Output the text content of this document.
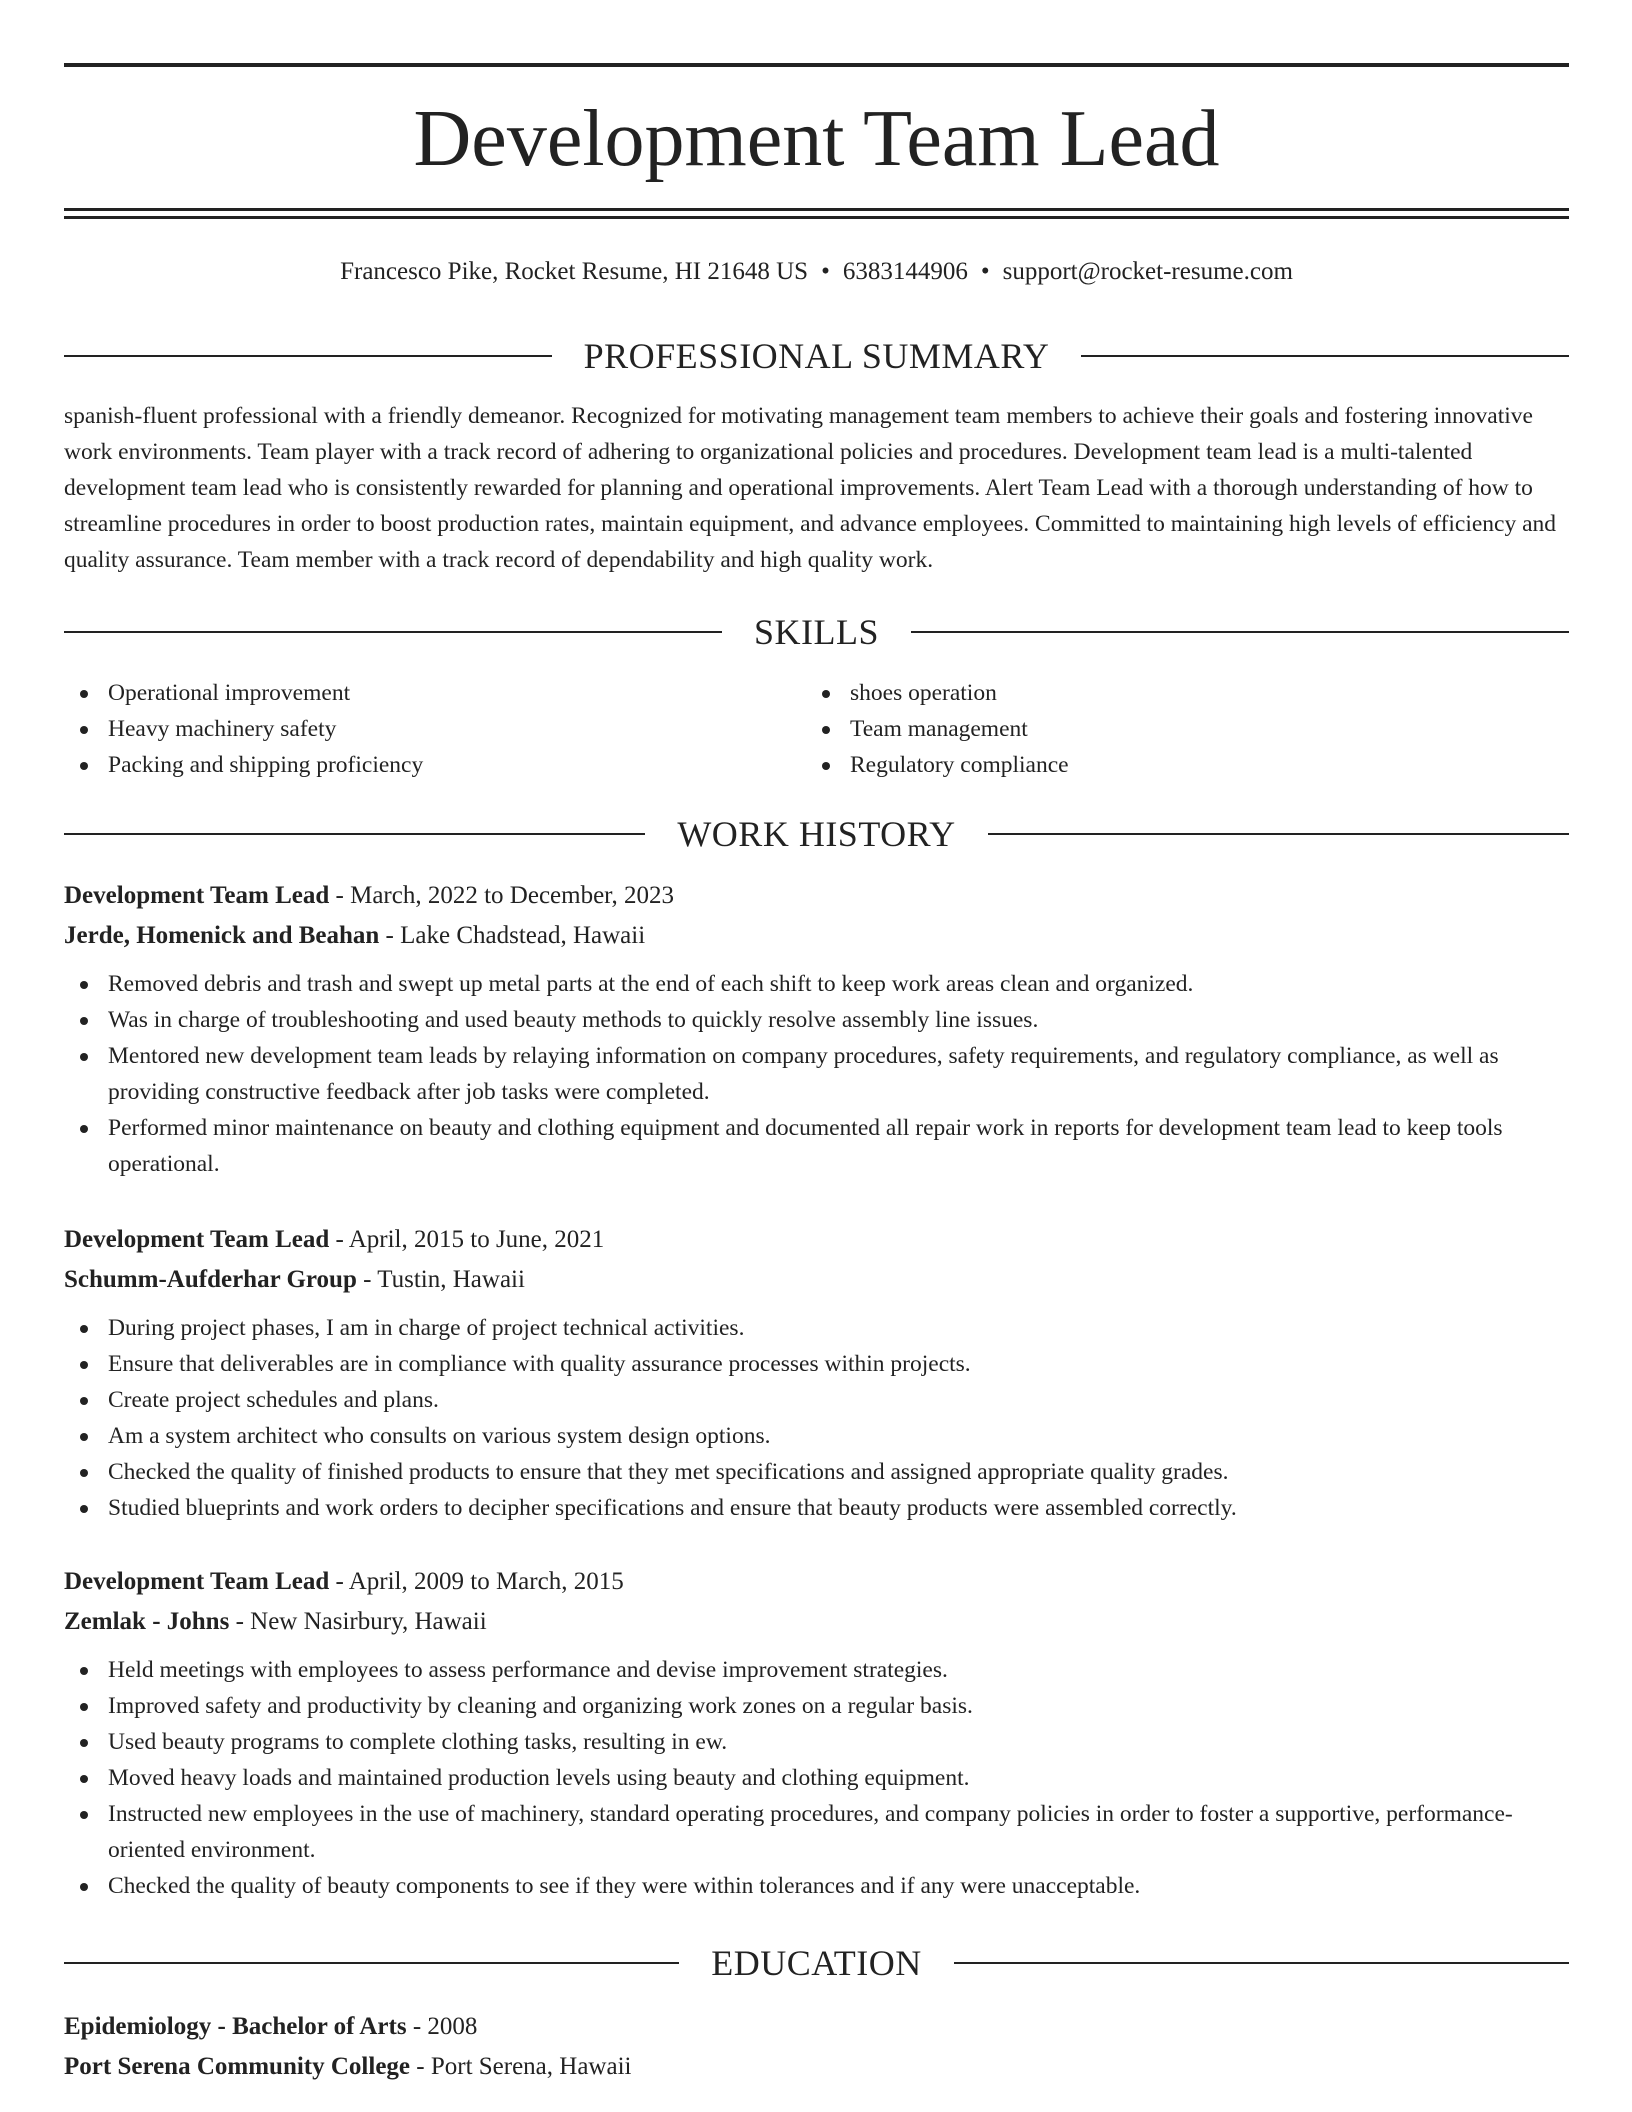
Development Team Lead
Francesco Pike, Rocket Resume, HI 21648 US • 6383144906 • support@rocket-resume.com
PROFESSIONAL SUMMARY

spanish-fluent professional with a friendly demeanor. Recognized for motivating management team members to achieve their goals and fostering innovative work environments. Team player with a track record of adhering to organizational policies and procedures. Development team lead is a multi-talented development team lead who is consistently rewarded for planning and operational improvements. Alert Team Lead with a thorough understanding of how to streamline procedures in order to boost production rates, maintain equipment, and advance employees. Committed to maintaining high levels of efficiency and quality assurance. Team member with a track record of dependability and high quality work.

SKILLS
Operational improvement
Heavy machinery safety
Packing and shipping proficiency
shoes operation
Team management
Regulatory compliance
WORK HISTORY
Development Team Lead - March, 2022 to December, 2023
Jerde, Homenick and Beahan - Lake Chadstead, Hawaii
Removed debris and trash and swept up metal parts at the end of each shift to keep work areas clean and organized.
Was in charge of troubleshooting and used beauty methods to quickly resolve assembly line issues.
Mentored new development team leads by relaying information on company procedures, safety requirements, and regulatory compliance, as well as providing constructive feedback after job tasks were completed.
Performed minor maintenance on beauty and clothing equipment and documented all repair work in reports for development team lead to keep tools operational.
Development Team Lead - April, 2015 to June, 2021
Schumm-Aufderhar Group - Tustin, Hawaii
During project phases, I am in charge of project technical activities.
Ensure that deliverables are in compliance with quality assurance processes within projects.
Create project schedules and plans.
Am a system architect who consults on various system design options.
Checked the quality of finished products to ensure that they met specifications and assigned appropriate quality grades.
Studied blueprints and work orders to decipher specifications and ensure that beauty products were assembled correctly.
Development Team Lead - April, 2009 to March, 2015
Zemlak - Johns - New Nasirbury, Hawaii
Held meetings with employees to assess performance and devise improvement strategies.
Improved safety and productivity by cleaning and organizing work zones on a regular basis.
Used beauty programs to complete clothing tasks, resulting in ew.
Moved heavy loads and maintained production levels using beauty and clothing equipment.
Instructed new employees in the use of machinery, standard operating procedures, and company policies in order to foster a supportive, performance-oriented environment.
Checked the quality of beauty components to see if they were within tolerances and if any were unacceptable.
EDUCATION
Epidemiology - Bachelor of Arts - 2008
Port Serena Community College - Port Serena, Hawaii
